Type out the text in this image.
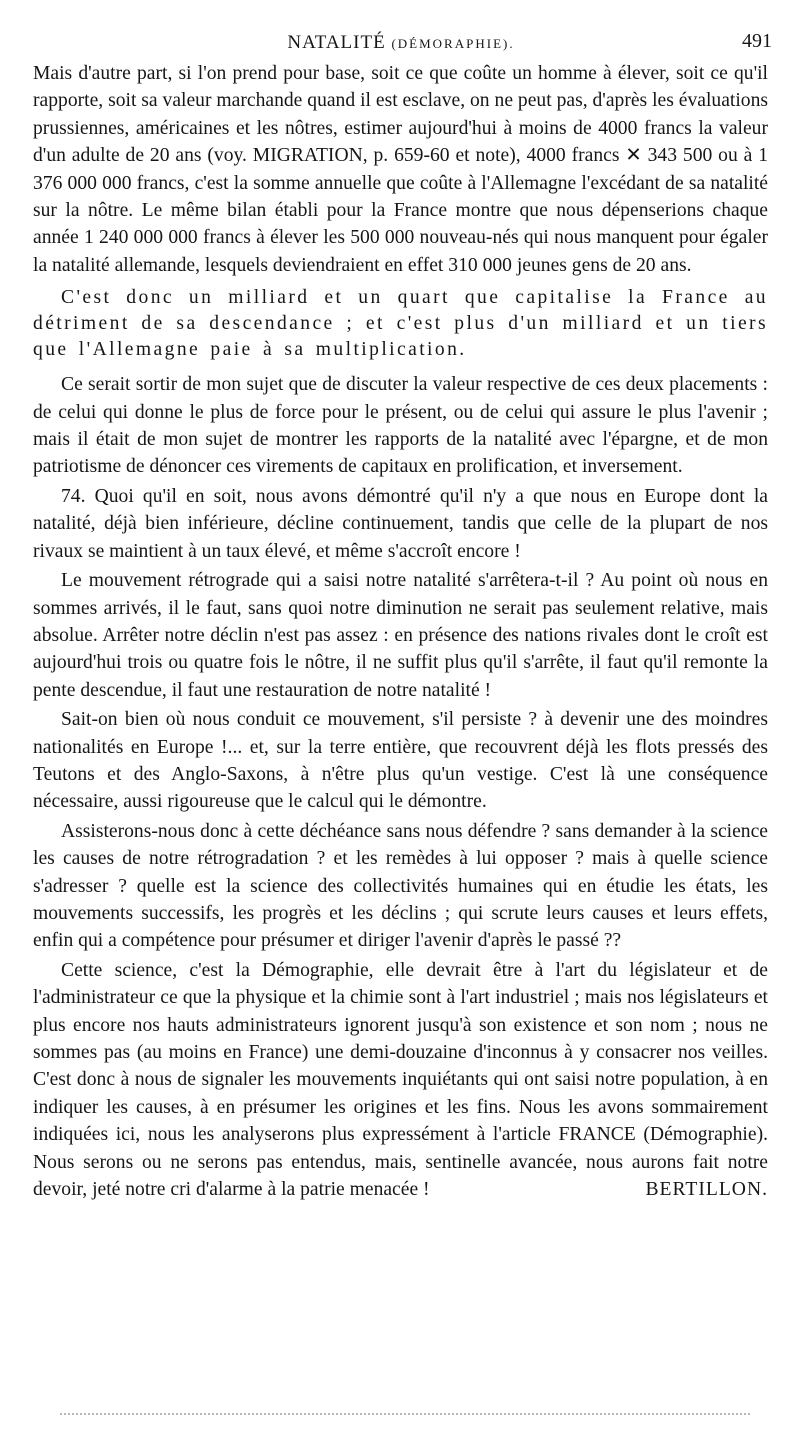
NATALITÉ (DÉMORAPHIE).	491

Mais d'autre part, si l'on prend pour base, soit ce que coûte un homme à élever, soit ce qu'il rapporte, soit sa valeur marchande quand il est esclave, on ne peut pas, d'après les évaluations prussiennes, américaines et les nôtres, estimer aujourd'hui à moins de 4000 francs la valeur d'un adulte de 20 ans (voy. MIGRATION, p. 659-60 et note), 4000 francs ✕ 343 500 ou à 1 376 000 000 francs, c'est la somme annuelle que coûte à l'Allemagne l'excédant de sa natalité sur la nôtre. Le même bilan établi pour la France montre que nous dépenserions chaque année 1 240 000 000 francs à élever les 500 000 nouveau-nés qui nous manquent pour égaler la natalité allemande, lesquels deviendraient en effet 310 000 jeunes gens de 20 ans.

C'est donc un milliard et un quart que capitalise la France au détriment de sa descendance ; et c'est plus d'un milliard et un tiers que l'Allemagne paie à sa multiplication.

Ce serait sortir de mon sujet que de discuter la valeur respective de ces deux placements : de celui qui donne le plus de force pour le présent, ou de celui qui assure le plus l'avenir ; mais il était de mon sujet de montrer les rapports de la natalité avec l'épargne, et de mon patriotisme de dénoncer ces virements de capitaux en prolification, et inversement.

74. Quoi qu'il en soit, nous avons démontré qu'il n'y a que nous en Europe dont la natalité, déjà bien inférieure, décline continuement, tandis que celle de la plupart de nos rivaux se maintient à un taux élevé, et même s'accroît encore !

Le mouvement rétrograde qui a saisi notre natalité s'arrêtera-t-il ? Au point où nous en sommes arrivés, il le faut, sans quoi notre diminution ne serait pas seulement relative, mais absolue. Arrêter notre déclin n'est pas assez : en présence des nations rivales dont le croît est aujourd'hui trois ou quatre fois le nôtre, il ne suffit plus qu'il s'arrête, il faut qu'il remonte la pente descendue, il faut une restauration de notre natalité !

Sait-on bien où nous conduit ce mouvement, s'il persiste ? à devenir une des moindres nationalités en Europe !... et, sur la terre entière, que recouvrent déjà les flots pressés des Teutons et des Anglo-Saxons, à n'être plus qu'un vestige. C'est là une conséquence nécessaire, aussi rigoureuse que le calcul qui le démontre.

Assisterons-nous donc à cette déchéance sans nous défendre ? sans demander à la science les causes de notre rétrogradation ? et les remèdes à lui opposer ? mais à quelle science s'adresser ? quelle est la science des collectivités humaines qui en étudie les états, les mouvements successifs, les progrès et les déclins ; qui scrute leurs causes et leurs effets, enfin qui a compétence pour présumer et diriger l'avenir d'après le passé ??

Cette science, c'est la Démographie, elle devrait être à l'art du législateur et de l'administrateur ce que la physique et la chimie sont à l'art industriel ; mais nos législateurs et plus encore nos hauts administrateurs ignorent jusqu'à son existence et son nom ; nous ne sommes pas (au moins en France) une demi-douzaine d'inconnus à y consacrer nos veilles. C'est donc à nous de signaler les mouvements inquiétants qui ont saisi notre population, à en indiquer les causes, à en présumer les origines et les fins. Nous les avons sommairement indiquées ici, nous les analyserons plus expressément à l'article FRANCE (Démographie). Nous serons ou ne serons pas entendus, mais, sentinelle avancée, nous aurons fait notre devoir, jeté notre cri d'alarme à la patrie menacée !	BERTILLON.
